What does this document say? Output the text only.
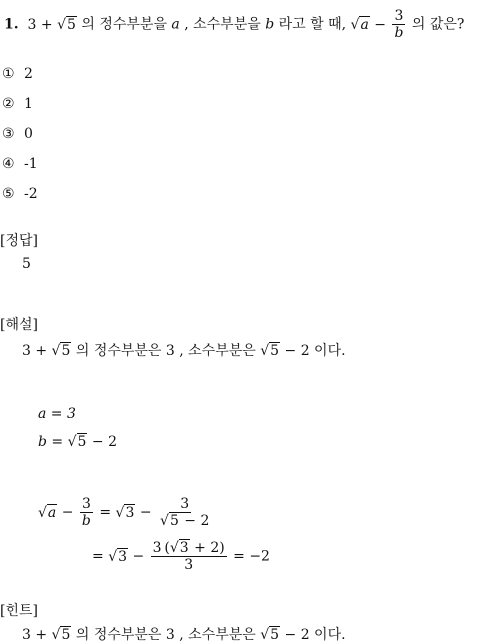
1. 3 + √5 의 정수부분을 a , 소수부분을 b 라고 할 때, $√a - \frac{3}{b}$ 의 값은?
① 2
② 1
③ 0
④ -1
⑤ -2
[정답]
5
[해설]
3 + √5 의 정수부분은 3 , 소수부분은 √5 − 2 이다.
a = 3
b = √5 − 2
$√a - \frac{3}{b} = √3 - \frac{3}{√5 - 2}$
= $√3 - \frac{3 (√3 + 2)}{3} = -2$
[힌트]
3 + √5 의 정수부분은 3 , 소수부분은 √5 − 2 이다.
